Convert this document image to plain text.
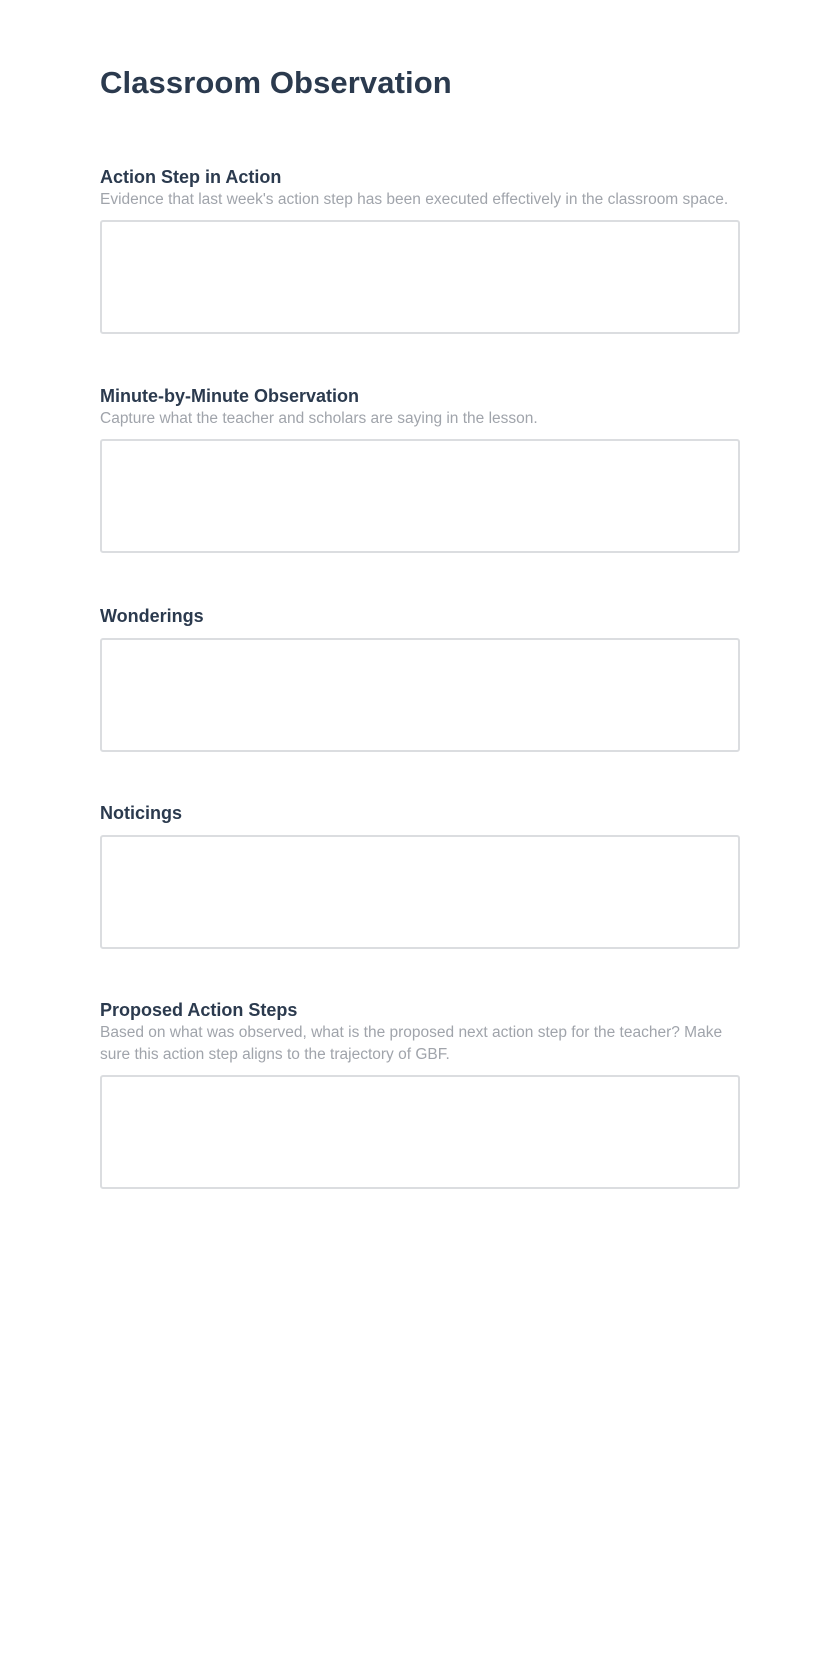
Classroom Observation
Action Step in Action

Evidence that last week's action step has been executed effectively in the classroom space.

Minute-by-Minute Observation

Capture what the teacher and scholars are saying in the lesson.

Wonderings
Noticings
Proposed Action Steps

Based on what was observed, what is the proposed next action step for the teacher? Make sure this action step aligns to the trajectory of GBF.
